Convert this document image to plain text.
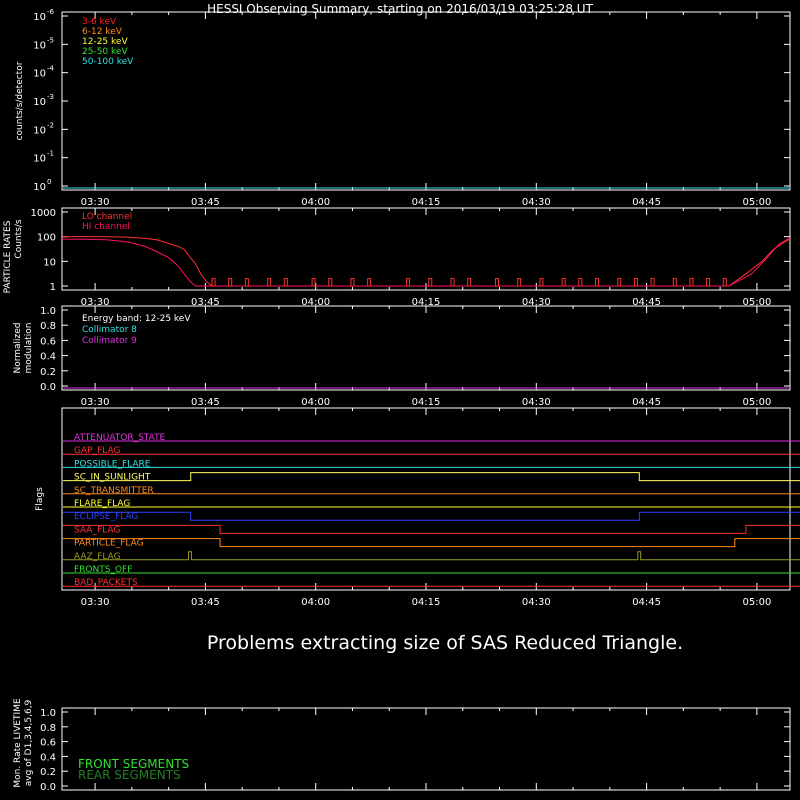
HESSI Observing Summary, starting on 2016/03/19 03:25:28 UT
03:30	03:45	04:00	04:15	04:30	04:45	05:00
10 0
10 -1
10 -2
10 -3
10 -4
10 -5
10 -6
counts/s/detector
3-6 keV
6-12 keV
12-25 keV
25-50 keV
50-100 keV
03:30	03:45	04:00	04:15	04:30	04:45	05:00
1
10
100
1000
PARTICLE RATES Counts/s
LO channel
HI channel
03:30	03:45	04:00	04:15	04:30	04:45	05:00
0.0
0.2
0.4
0.6
0.8
1.0
Normalized modulation
Energy band: 12-25 keV
Collimator 8
Collimator 9
03:30	03:45	04:00	04:15	04:30	04:45	05:00
Flags
ATTENUATOR_STATE
GAP_FLAG
POSSIBLE_FLARE
SC_IN_SUNLIGHT
SC_TRANSMITTER
FLARE_FLAG
ECLIPSE_FLAG
SAA_FLAG
PARTICLE_FLAG
AAZ_FLAG
FRONTS_OFF
BAD_PACKETS
0.0
0.2
0.4
0.6
0.8
1.0
Mon. Rate LIVETIME avg of D1,3,4,5,6,9	FRONT SEGMENTS
REAR SEGMENTS
Problems extracting size of SAS Reduced Triangle.
